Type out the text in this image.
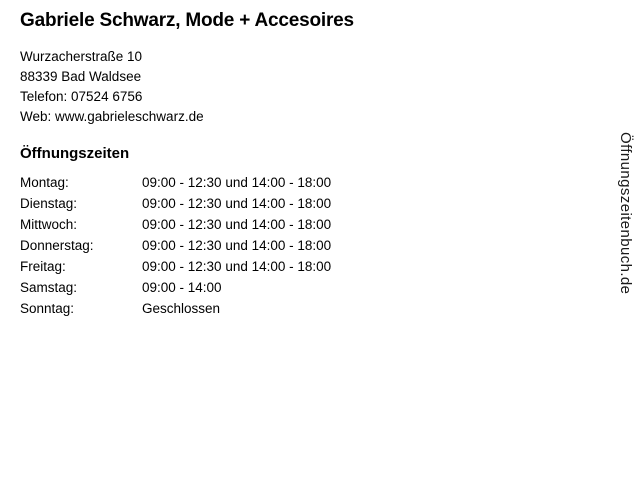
Gabriele Schwarz, Mode + Accesoires
Wurzacherstraße 10
88339 Bad Waldsee
Telefon: 07524 6756
Web: www.gabrieleschwarz.de
Öffnungszeiten
Montag:	09:00 - 12:30 und 14:00 - 18:00
Dienstag:	09:00 - 12:30 und 14:00 - 18:00
Mittwoch:	09:00 - 12:30 und 14:00 - 18:00
Donnerstag:	09:00 - 12:30 und 14:00 - 18:00
Freitag:	09:00 - 12:30 und 14:00 - 18:00
Samstag:	09:00 - 14:00
Sonntag:	Geschlossen
Öffnungszeitenbuch.de
